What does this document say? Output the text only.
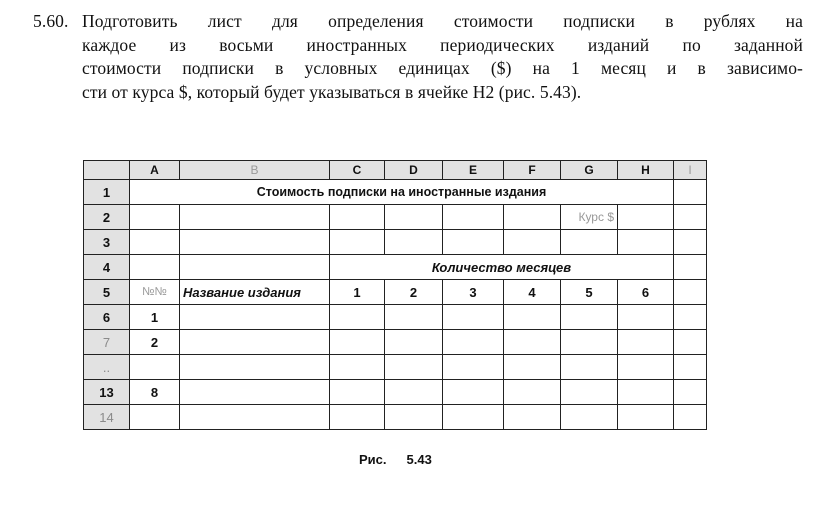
5.60. Подготовить лист для определения стоимости подписки в рублях на

каждое из восьми иностранных периодических изданий по заданной

стоимости подписки в условных единицах ($) на 1 месяц и в зависимо-

сти от курса $, который будет указываться в ячейке H2 (рис. 5.43).

	A	B	C	D	E	F	G	H	I
1	Стоимость подписки на иностранные издания								
2							Курс $		
3									
4			Количество месяцев						
5	№№	Название издания	1	2	3	4	5	6	
6	1								
7	2								
..									
13	8								
14									
Рис. 5.43
